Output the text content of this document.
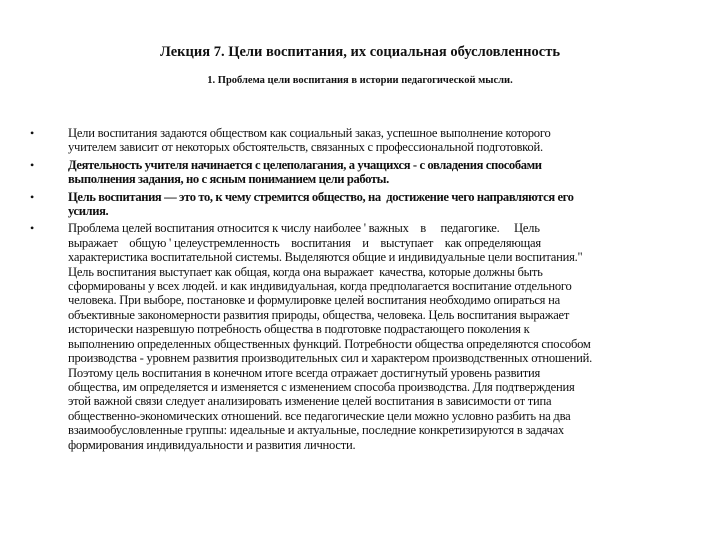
Лекция 7. Цели воспитания, их социальная обусловленность
1. Проблема цели воспитания в истории педагогической мысли.
•	Цели воспитания задаются обществом как социальный заказ, успешное выполнение которого
учителем зависит от некоторых обстоятельств, связанных с профессиональной подготовкой.
•	Деятельность учителя начинается с целеполагания, а учащихся - с овладения способами
выполнения задания, но с ясным пониманием цели работы.
•	Цель воспитания — это то, к чему стремится общество, на  достижение чего направляются его
усилия.
•	Проблема целей воспитания относится к числу наиболее ' важных    в     педагогике.     Цель
выражает    общую ' целеустремленность    воспитания    и    выступает    как определяющая
характеристика воспитательной системы. Выделяются общие и индивидуальные цели воспитания."
Цель воспитания выступает как общая, когда она выражает  качества, которые должны быть
сформированы у всех людей. и как индивидуальная, когда предполагается воспитание отдельного
человека. При выборе, постановке и формулировке целей воспитания необходимо опираться на
объективные закономерности развития природы, общества, человека. Цель воспитания выражает
исторически назревшую потребность общества в подготовке подрастающего поколения к
выполнению определенных общественных функций. Потребности общества определяются способом
производства - уровнем развития производительных сил и характером производственных отношений.
Поэтому цель воспитания в конечном итоге всегда отражает достигнутый уровень развития
общества, им определяется и изменяется с изменением способа производства. Для подтверждения
этой важной связи следует анализировать изменение целей воспитания в зависимости от типа
общественно-экономических отношений. все педагогические цели можно условно разбить на два
взаимообусловленные группы: идеальные и актуальные, последние конкретизируются в задачах
формирования индивидуальности и развития личности.
